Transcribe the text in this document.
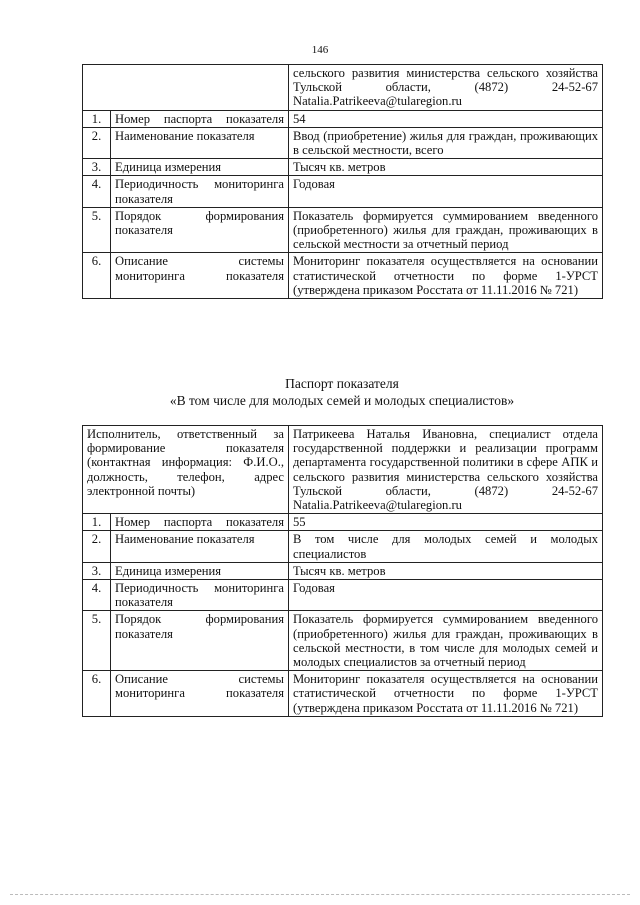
146
		сельского развития министерства сельского хозяйства Тульской области, (4872) 24-52-67 Natalia.Patrikeeva@tularegion.ru
1.	Номер паспорта показателя	54
2.	Наименование показателя	Ввод (приобретение) жилья для граждан, проживающих в сельской местности, всего
3.	Единица измерения	Тысяч кв. метров
4.	Периодичность мониторинга показателя	Годовая
5.	Порядок формирования показателя	Показатель формируется суммированием введенного (приобретенного) жилья для граждан, проживающих в сельской местности за отчетный период
6.	Описание системы мониторинга показателя	Мониторинг показателя осуществляется на основании статистической отчетности по форме 1-УРСТ (утверждена приказом Росстата от 11.11.2016 № 721)
Паспорт показателя
«В том числе для молодых семей и молодых специалистов»
Исполнитель, ответственный за формирование показателя (контактная информация: Ф.И.О., должность, телефон, адрес электронной почты)		Патрикеева Наталья Ивановна, специалист отдела государственной поддержки и реализации программ департамента государственной политики в сфере АПК и сельского развития министерства сельского хозяйства Тульской области, (4872) 24-52-67 Natalia.Patrikeeva@tularegion.ru
1.	Номер паспорта показателя	55
2.	Наименование показателя	В том числе для молодых семей и молодых специалистов
3.	Единица измерения	Тысяч кв. метров
4.	Периодичность мониторинга показателя	Годовая
5.	Порядок формирования показателя	Показатель формируется суммированием введенного (приобретенного) жилья для граждан, проживающих в сельской местности, в том числе для молодых семей и молодых специалистов за отчетный период
6.	Описание системы мониторинга показателя	Мониторинг показателя осуществляется на основании статистической отчетности по форме 1-УРСТ (утверждена приказом Росстата от 11.11.2016 № 721)
